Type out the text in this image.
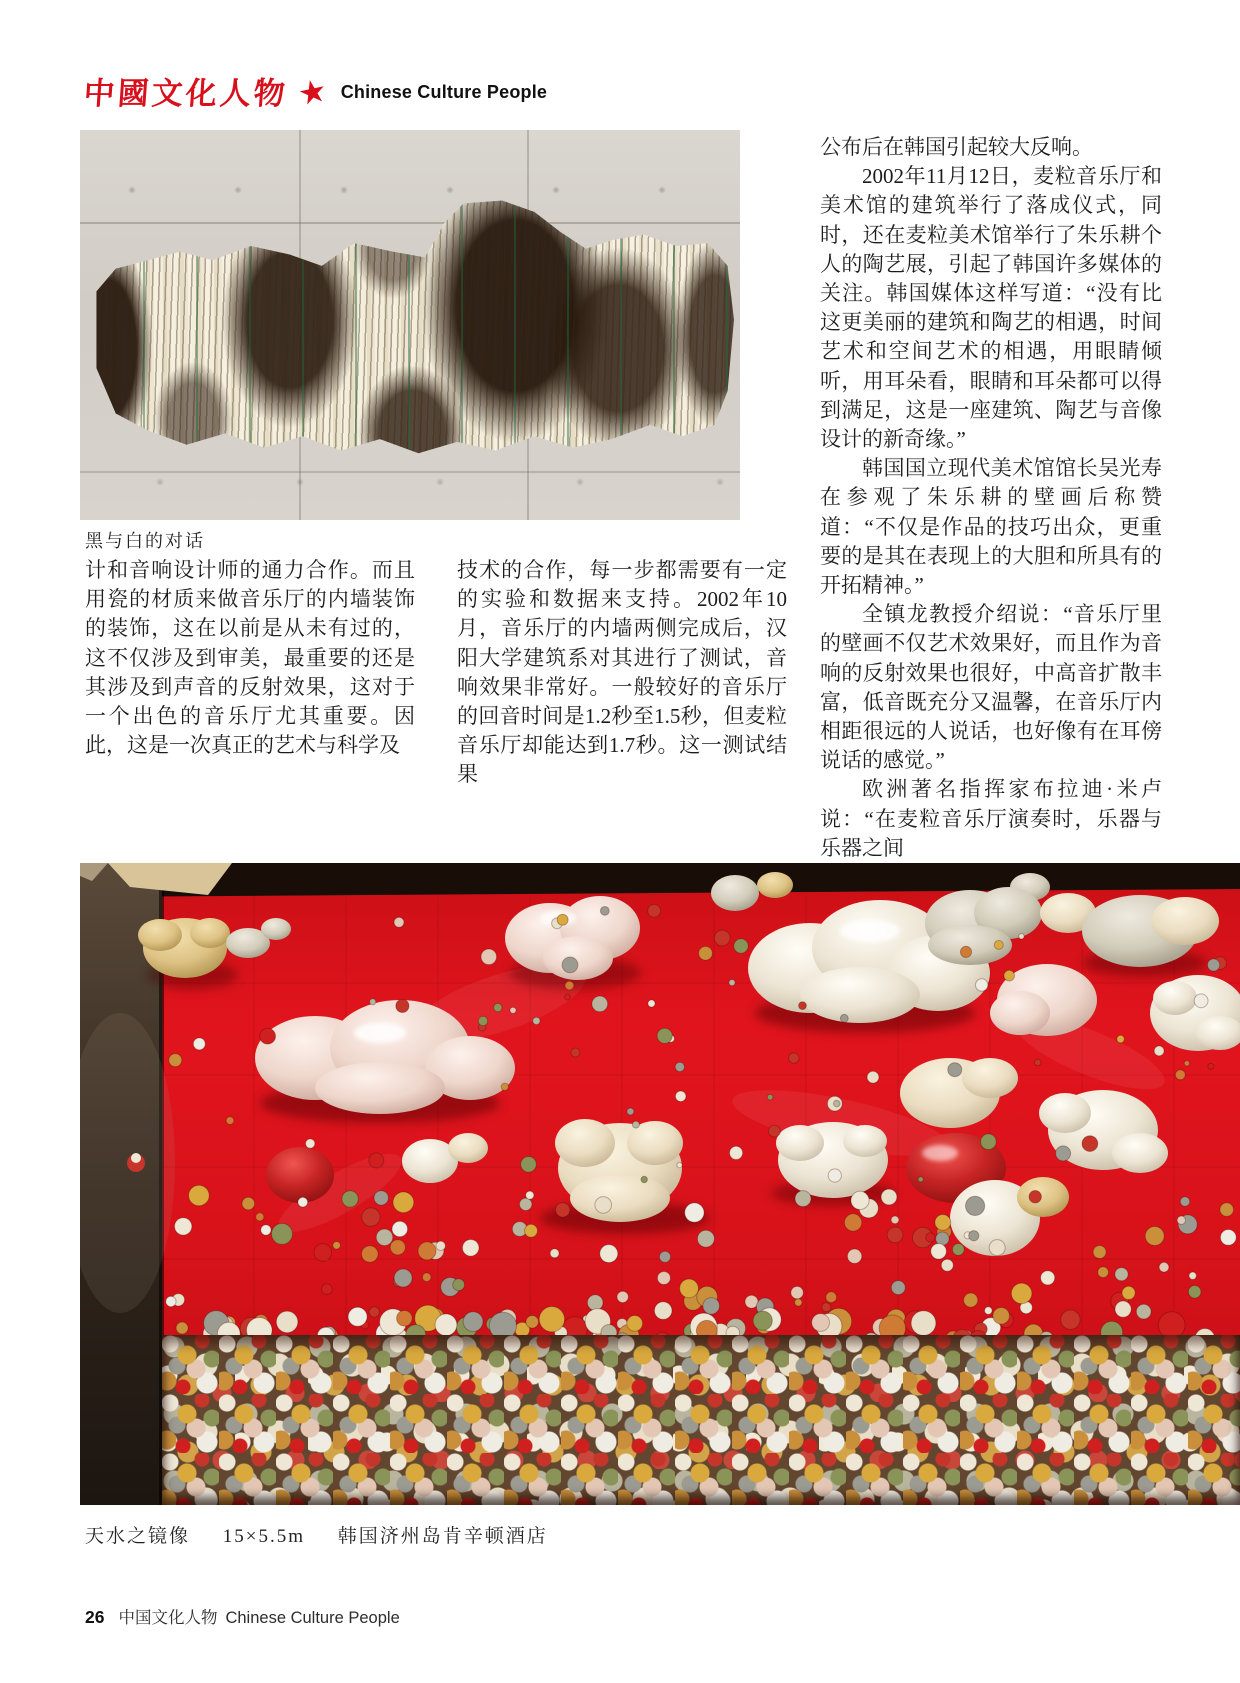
中國文化人物 ★ Chinese Culture People
黑与白的对话

计和音响设计师的通力合作。而且用瓷的材质来做音乐厅的内墙装饰的装饰，这在以前是从未有过的，这不仅涉及到审美，最重要的还是其涉及到声音的反射效果，这对于一个出色的音乐厅尤其重要。因此，这是一次真正的艺术与科学及

技术的合作，每一步都需要有一定的实验和数据来支持。2002年10月，音乐厅的内墙两侧完成后，汉阳大学建筑系对其进行了测试，音响效果非常好。一般较好的音乐厅的回音时间是1.2秒至1.5秒，但麦粒音乐厅却能达到1.7秒。这一测试结果

公布后在韩国引起较大反响。

2002年11月12日，麦粒音乐厅和美术馆的建筑举行了落成仪式，同时，还在麦粒美术馆举行了朱乐耕个人的陶艺展，引起了韩国许多媒体的关注。韩国媒体这样写道：“没有比这更美丽的建筑和陶艺的相遇，时间艺术和空间艺术的相遇，用眼睛倾听，用耳朵看，眼睛和耳朵都可以得到满足，这是一座建筑、陶艺与音像设计的新奇缘。”

韩国国立现代美术馆馆长吴光寿在参观了朱乐耕的壁画后称赞道：“不仅是作品的技巧出众，更重要的是其在表现上的大胆和所具有的开拓精神。”

全镇龙教授介绍说：“音乐厅里的壁画不仅艺术效果好，而且作为音响的反射效果也很好，中高音扩散丰富，低音既充分又温馨，在音乐厅内相距很远的人说话，也好像有在耳傍说话的感觉。”

欧洲著名指挥家布拉迪·米卢说：“在麦粒音乐厅演奏时，乐器与乐器之间

天水之镜像 15×5.5m 韩国济州岛肯辛顿酒店
26 中国文化人物 Chinese Culture People
